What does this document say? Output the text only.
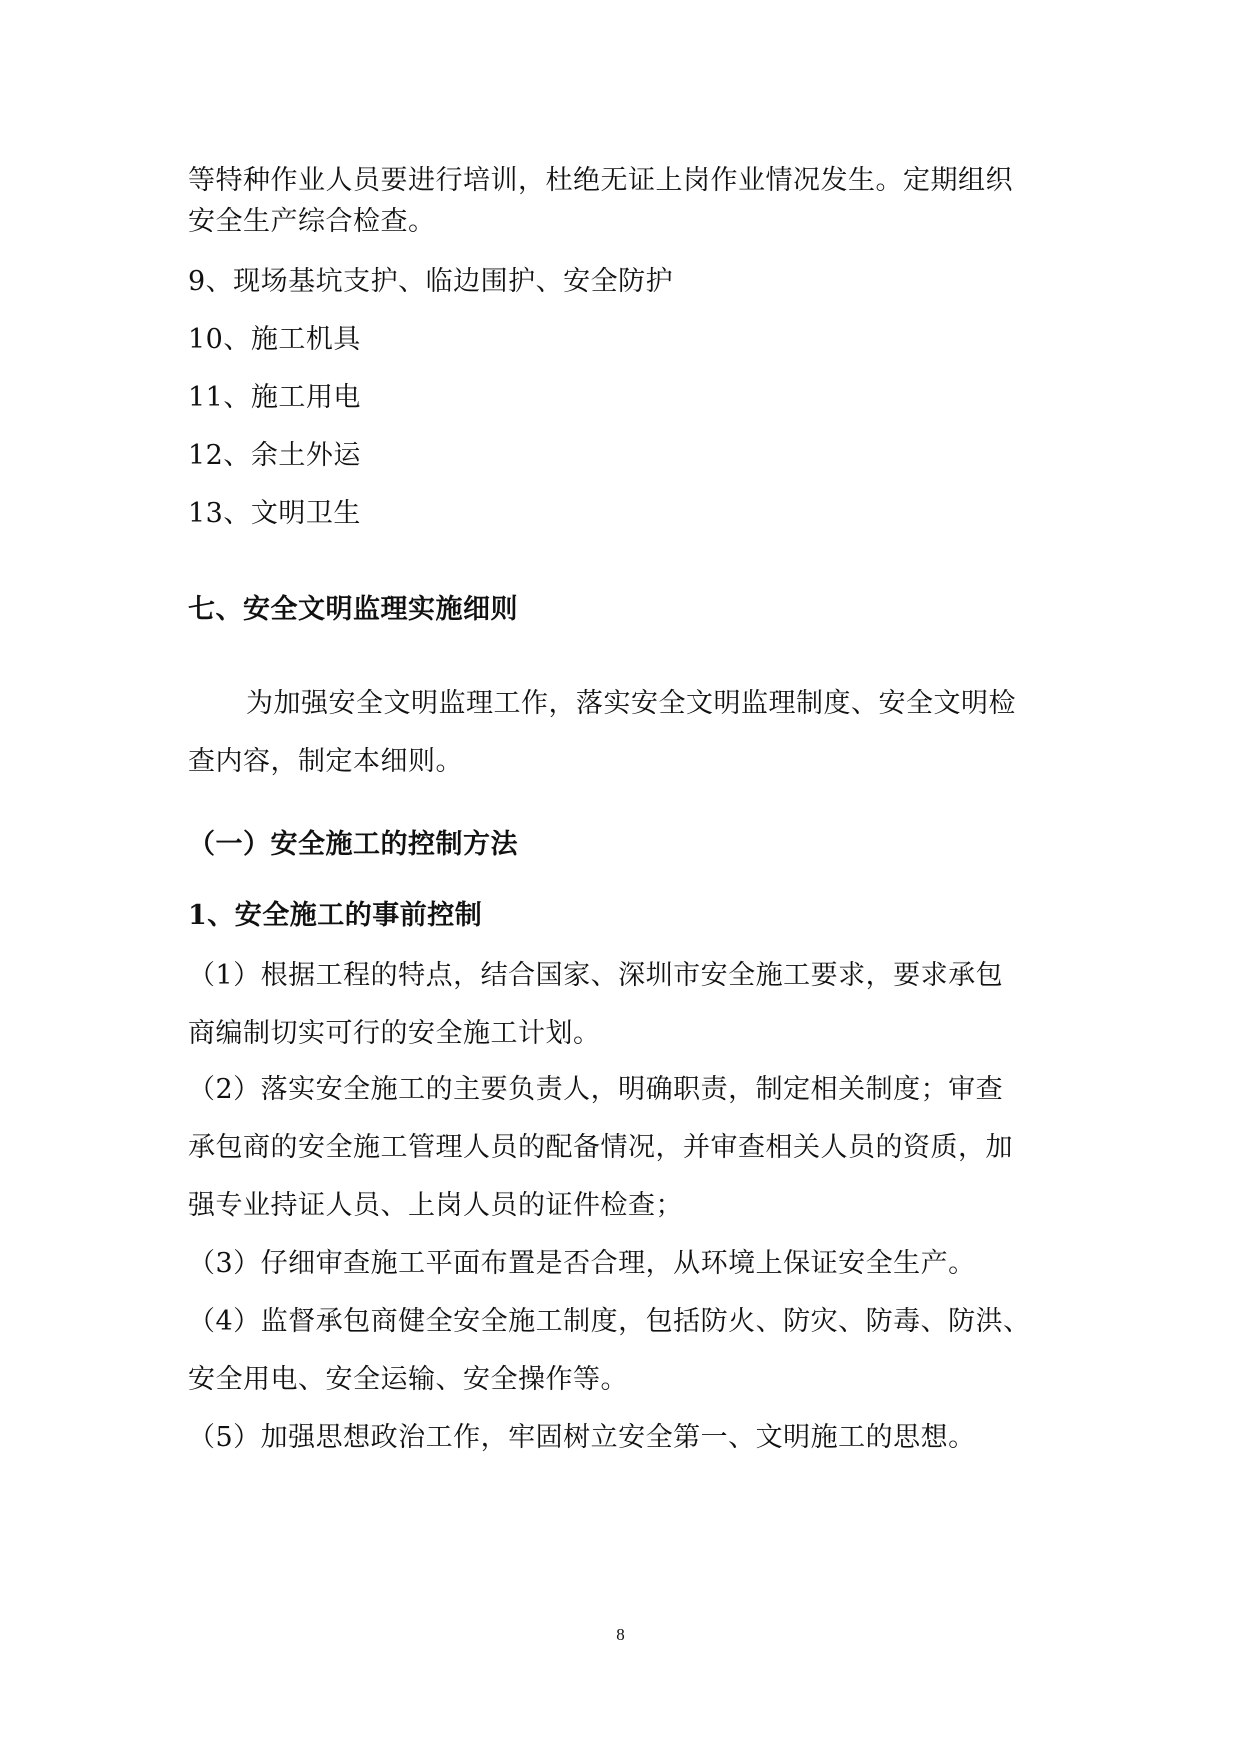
等特种作业人员要进行培训，杜绝无证上岗作业情况发生。定期组织
安全生产综合检查。
9、现场基坑支护、临边围护、安全防护
10、施工机具
11、施工用电
12、余土外运
13、文明卫生
七、安全文明监理实施细则
为加强安全文明监理工作，落实安全文明监理制度、安全文明检
查内容，制定本细则。
（一）安全施工的控制方法
1、安全施工的事前控制
（1）根据工程的特点，结合国家、深圳市安全施工要求，要求承包
商编制切实可行的安全施工计划。
（2）落实安全施工的主要负责人，明确职责，制定相关制度；审查
承包商的安全施工管理人员的配备情况，并审查相关人员的资质，加
强专业持证人员、上岗人员的证件检查；
（3）仔细审查施工平面布置是否合理，从环境上保证安全生产。
（4）监督承包商健全安全施工制度，包括防火、防灾、防毒、防洪、
安全用电、安全运输、安全操作等。
（5）加强思想政治工作，牢固树立安全第一、文明施工的思想。
8
